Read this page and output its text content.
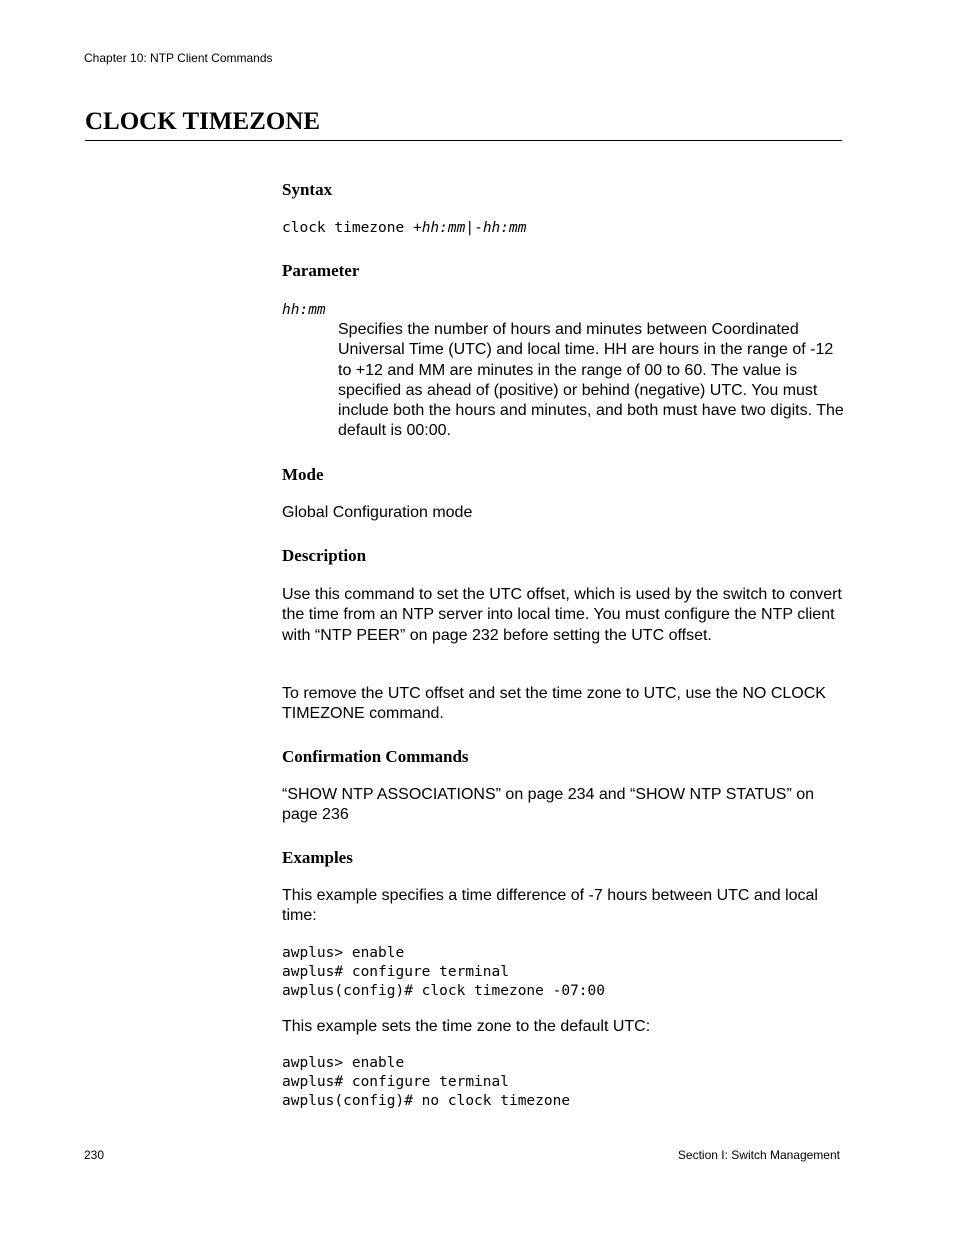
Chapter 10: NTP Client Commands
CLOCK TIMEZONE
Syntax
clock timezone +hh:mm|-hh:mm
Parameter
hh:mm
Specifies the number of hours and minutes between Coordinated Universal Time (UTC) and local time. HH are hours in the range of -12 to +12 and MM are minutes in the range of 00 to 60. The value is specified as ahead of (positive) or behind (negative) UTC. You must include both the hours and minutes, and both must have two digits. The default is 00:00.
Mode
Global Configuration mode
Description
Use this command to set the UTC offset, which is used by the switch to convert the time from an NTP server into local time. You must configure the NTP client with “NTP PEER” on page 232 before setting the UTC offset.
To remove the UTC offset and set the time zone to UTC, use the NO CLOCK TIMEZONE command.
Confirmation Commands
“SHOW NTP ASSOCIATIONS” on page 234 and “SHOW NTP STATUS” on page 236
Examples
This example specifies a time difference of -7 hours between UTC and local time:
awplus> enable
awplus# configure terminal
awplus(config)# clock timezone -07:00
This example sets the time zone to the default UTC:
awplus> enable
awplus# configure terminal
awplus(config)# no clock timezone
230	Section I: Switch Management
